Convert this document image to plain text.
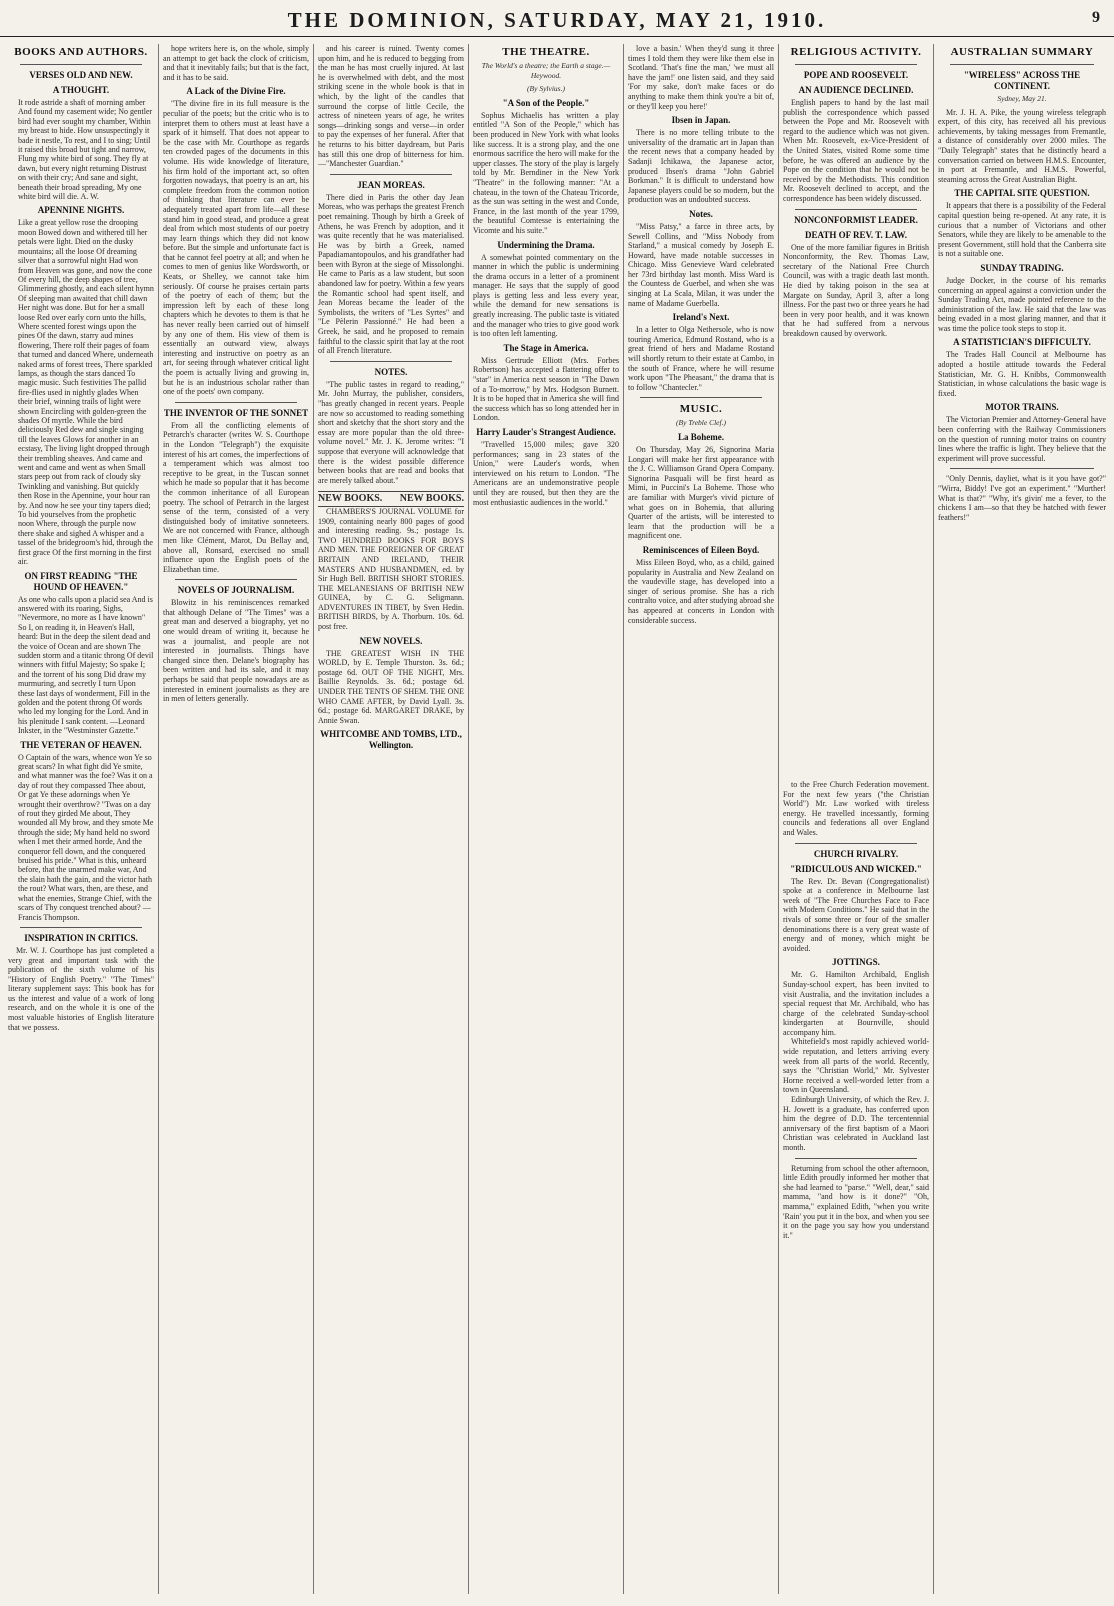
THE DOMINION, SATURDAY, MAY 21, 1910.	9
BOOKS AND AUTHORS.
VERSES OLD AND NEW.
A THOUGHT.

It rode astride a shaft of morning amber And found my casement wide; No gentler bird had ever sought my chamber, Within my breast to hide. How unsuspectingly it bade it nestle, To rest, and I to sing; Until it raised this broad but tight and narrow, Flung my white bird of song. They fly at dawn, but every night returning Distrust on with their cry; And sane and sight, beneath their broad spreading, My one white bird will die. A. W.

APENNINE NIGHTS.

Like a great yellow rose the drooping moon Bowed down and withered till her petals were light. Died on the dusky mountains; all the loose Of dreaming silver that a sorrowful night Had won from Heaven was gone, and now the cone Of every hill, the deep shapes of tree, Glimmering ghostly, and each silent hymn Of sleeping man awaited that chill dawn Her night was done. But for her a small loose Red over early corn unto the hills, Where scented forest wings upon the pines Of the dawn, starry aud mines flowering, There rolf their pages of foam that turned and danced Where, underneath naked arms of forest trees, There sparkled lamps, as though the stars danced To magic music. Such festivities The pallid fire-flies used in nightly glades When their brief, winning trails of light were shown Encircling with golden-green the shades Of myrtle. While the bird deliciously Red dew and single singing till the leaves Glows for another in an ecstasy, The living light dropped through their trembling sheaves. And came and went and came and went as when Small stars peep out from rack of cloudy sky Twinkling and vanishing. But quickly then Rose in the Apennine, your hour ran by. And now he see your tiny tapers died; To bid yourselves from the prophetic noon Where, through the purple now there shake and sighed A whisper and a tassel of the bridegroom's hid, through the first grace Of the first morning in the first air.

ON FIRST READING "THE HOUND OF HEAVEN."

As one who calls upon a placid sea And is answered with its roaring, Sighs, "Nevermore, no more as I have known" So I, on reading it, in Heaven's Hall, heard: But in the deep the silent dead and the voice of Ocean and are shown The sudden storm and a titanic throng Of devil winners with fitful Majesty; So spake I; and the torrent of his song Did draw my murmuring, and secretly I turn Upon these last days of wonderment, Fill in the golden and the potent throng Of words who led my longing for the Lord. And in his plenitude I sank content. —Leonard Inkster, in the "Westminster Gazette."

THE VETERAN OF HEAVEN.

O Captain of the wars, whence won Ye so great scars? In what fight did Ye smite, and what manner was the foe? Was it on a day of rout they compassed Thee about, Or gat Ye these adornings when Ye wrought their overthrow? "Twas on a day of rout they girded Me about, They wounded all My brow, and they smote Me through the side; My hand held no sword when I met their armed horde, And the conqueror fell down, and the conquered bruised his pride." What is this, unheard before, that the unarmed make war, And the slain hath the gain, and the victor hath the rout? What wars, then, are these, and what the enemies, Strange Chief, with the scars of Thy conquest trenched about? —Francis Thompson.

INSPIRATION IN CRITICS.

Mr. W. J. Courthope has just completed a very great and important task with the publication of the sixth volume of his "History of English Poetry." "The Times" literary supplement says: This book has for us the interest and value of a work of long research, and on the whole it is one of the most valuable histories of English literature that we possess.

hope writers here is, on the whole, simply an attempt to get back the clock of criticism, and that it inevitably fails; but that is the fact, and it has to be said.

A Lack of the Divine Fire.

"The divine fire in its full measure is the peculiar of the poets; but the critic who is to interpret them to others must at least have a spark of it himself. That does not appear to be the case with Mr. Courthope as regards ten crowded pages of the documents in this volume. His wide knowledge of literature, his firm hold of the important act, so often forgotten nowadays, that poetry is an art, his complete freedom from the common notion of thinking that literature can ever be adequately treated apart from life—all these stand him in good stead, and produce a great deal from which most students of our poetry may learn things which they did not know before. But the simple and unfortunate fact is that he cannot feel poetry at all; and when he comes to men of genius like Wordsworth, or Keats, or Shelley, we cannot take him seriously. Of course he praises certain parts of the poetry of each of them; but the impression left by each of these long chapters which he devotes to them is that he has never really been carried out of himself by any one of them. His view of them is essentially an outward view, always interesting and instructive on poetry as an art, for seeing through whatever critical light the poem is actually living and growing in, but he is an industrious scholar rather than one of the poets' own company.

THE INVENTOR OF THE SONNET

From all the conflicting elements of Petrarch's character (writes W. S. Courthope in the London "Telegraph") the exquisite interest of his art comes, the imperfections of a temperament which was almost too receptive to be great, in the Tuscan sonnet which he made so popular that it has become the common inheritance of all European poetry. The school of Petrarch in the largest sense of the term, consisted of a very distinguished body of imitative sonneteers. We are not concerned with France, although men like Clément, Marot, Du Bellay and, above all, Ronsard, exercised no small influence upon the English poets of the Elizabethan time.

NOVELS OF JOURNALISM.

Blowitz in his reminiscences remarked that although Delane of "The Times" was a great man and deserved a biography, yet no one would dream of writing it, because he was a journalist, and people are not interested in journalists. Things have changed since then. Delane's biography has been written and had its sale, and it may perhaps be said that people nowadays are as interested in eminent journalists as they are in men of letters generally.

and his career is ruined. Twenty comes upon him, and he is reduced to begging from the man he has most cruelly injured. At last he is overwhelmed with debt, and the most striking scene in the whole book is that in which, by the light of the candles that surround the corpse of little Cecile, the actress of nineteen years of age, he writes songs—drinking songs and verse—in order to pay the expenses of her funeral. After that he returns to his bitter daydream, but Paris has still this one drop of bitterness for him.—"Manchester Guardian."

JEAN MOREAS.

There died in Paris the other day Jean Moreas, who was perhaps the greatest French poet remaining. Though by birth a Greek of Athens, he was French by adoption, and it was quite recently that he was materialised. He was by birth a Greek, named Papadiamantopoulos, and his grandfather had been with Byron at the siege of Missolonghi. He came to Paris as a law student, but soon abandoned law for poetry. Within a few years the Romantic school had spent itself, and Jean Moreas became the leader of the Symbolists, the writers of "Les Syrtes" and "Le Pèlerin Passionné." He had been a Greek, he said, and he proposed to remain faithful to the classic spirit that lay at the root of all French literature.

NOTES.

"The public tastes in regard to reading," Mr. John Murray, the publisher, considers, "has greatly changed in recent years. People are now so accustomed to reading something short and sketchy that the short story and the essay are more popular than the old three-volume novel." Mr. J. K. Jerome writes: "I suppose that everyone will acknowledge that there is the widest possible difference between books that are read and books that are merely talked about."

NEW BOOKS. NEW BOOKS.

CHAMBERS'S JOURNAL VOLUME for 1909, containing nearly 800 pages of good and interesting reading. 9s.; postage 1s. TWO HUNDRED BOOKS FOR BOYS AND MEN. THE FOREIGNER OF GREAT BRITAIN AND IRELAND, THEIR MASTERS AND HUSBANDMEN, ed. by Sir Hugh Bell. BRITISH SHORT STORIES. THE MELANESIANS OF BRITISH NEW GUINEA, by C. G. Seligmann. ADVENTURES IN TIBET, by Sven Hedin. BRITISH BIRDS, by A. Thorburn. 10s. 6d. post free.

NEW NOVELS.

THE GREATEST WISH IN THE WORLD, by E. Temple Thurston. 3s. 6d.; postage 6d. OUT OF THE NIGHT, Mrs. Baillie Reynolds. 3s. 6d.; postage 6d. UNDER THE TENTS OF SHEM. THE ONE WHO CAME AFTER, by David Lyall. 3s. 6d.; postage 6d. MARGARET DRAKE, by Annie Swan.

WHITCOMBE AND TOMBS, LTD., Wellington.
THE THEATRE.
The World's a theatre; the Earth a stage.—Heywood.
(By Sylvius.)
"A Son of the People."

Sophus Michaelis has written a play entitled "A Son of the People," which has been produced in New York with what looks like success. It is a strong play, and the one enormous sacrifice the hero will make for the upper classes. The story of the play is largely told by Mr. Berndiner in the New York "Theatre" in the following manner: "At a chateau, in the town of the Chateau Tricorde, as the sun was setting in the west and Conde, France, in the last month of the year 1799, the beautiful Comtesse is entertaining the Vicomte and his suite."

Undermining the Drama.

A somewhat pointed commentary on the manner in which the public is undermining the drama occurs in a letter of a prominent manager. He says that the supply of good plays is getting less and less every year, while the demand for new sensations is greatly increasing. The public taste is vitiated and the manager who tries to give good work is too often left lamenting.

The Stage in America.

Miss Gertrude Elliott (Mrs. Forbes Robertson) has accepted a flattering offer to "star" in America next season in "The Dawn of a To-morrow," by Mrs. Hodgson Burnett. It is to be hoped that in America she will find the success which has so long attended her in London.

Harry Lauder's Strangest Audience.

"Travelled 15,000 miles; gave 320 performances; sang in 23 states of the Union," were Lauder's words, when interviewed on his return to London. "The Americans are an undemonstrative people until they are roused, but then they are the most enthusiastic audiences in the world."

love a basin.' When they'd sung it three times I told them they were like them else in Scotland. 'That's fine the man,' 'we must all have the jam!' one listen said, and they said 'For my sake, don't make faces or do anything to make them think you're a bit of, or they'll keep you here!'

Ibsen in Japan.

There is no more telling tribute to the universality of the dramatic art in Japan than the recent news that a company headed by Sadanji Ichikawa, the Japanese actor, produced Ibsen's drama "John Gabriel Borkman." It is difficult to understand how Japanese players could be so modern, but the production was an undoubted success.

Notes.

"Miss Patsy," a farce in three acts, by Sewell Collins, and "Miss Nobody from Starland," a musical comedy by Joseph E. Howard, have made notable successes in Chicago. Miss Genevieve Ward celebrated her 73rd birthday last month. Miss Ward is the Countess de Guerbel, and when she was singing at La Scala, Milan, it was under the name of Madame Guerbella.

Ireland's Next.

In a letter to Olga Nethersole, who is now touring America, Edmund Rostand, who is a great friend of hers and Madame Rostand will shortly return to their estate at Cambo, in the south of France, where he will resume work upon "The Pheasant," the drama that is to follow "Chantecler."

MUSIC.
(By Treble Clef.)
La Boheme.

On Thursday, May 26, Signorina Maria Longari will make her first appearance with the J. C. Williamson Grand Opera Company. Signorina Pasquali will be first heard as Mimi, in Puccini's La Boheme. Those who are familiar with Murger's vivid picture of what goes on in Bohemia, that alluring Quarter of the artists, will be interested to learn that the production will be a magnificent one.

Reminiscences of Eileen Boyd.

Miss Eileen Boyd, who, as a child, gained popularity in Australia and New Zealand on the vaudeville stage, has developed into a singer of serious promise. She has a rich contralto voice, and after studying abroad she has appeared at concerts in London with considerable success.

RELIGIOUS ACTIVITY.
POPE AND ROOSEVELT.
AN AUDIENCE DECLINED.

English papers to hand by the last mail publish the correspondence which passed between the Pope and Mr. Roosevelt with regard to the audience which was not given. When Mr. Roosevelt, ex-Vice-President of the United States, visited Rome some time before, he was offered an audience by the Pope on the condition that he would not be received by the Methodists. This condition Mr. Roosevelt declined to accept, and the correspondence has been widely discussed.

NONCONFORMIST LEADER.
DEATH OF REV. T. LAW.

One of the more familiar figures in British Nonconformity, the Rev. Thomas Law, secretary of the National Free Church Council, was with a tragic death last month. He died by taking poison in the sea at Margate on Sunday, April 3, after a long illness. For the past two or three years he had been in very poor health, and it was known that he had suffered from a nervous breakdown caused by overwork.

to the Free Church Federation movement. For the next few years ("the Christian World") Mr. Law worked with tireless energy. He travelled incessantly, forming councils and federations all over England and Wales.

CHURCH RIVALRY.
"RIDICULOUS AND WICKED."

The Rev. Dr. Bevan (Congregationalist) spoke at a conference in Melbourne last week of "The Free Churches Face to Face with Modern Conditions." He said that in the rivals of some three or four of the smaller denominations there is a very great waste of energy and of money, which might be avoided.

JOTTINGS.

Mr. G. Hamilton Archibald, English Sunday-school expert, has been invited to visit Australia, and the invitation includes a special request that Mr. Archibald, who has charge of the celebrated Sunday-school kindergarten at Bournville, should accompany him.

Whitefield's most rapidly achieved world-wide reputation, and letters arriving every week from all parts of the world. Recently, says the "Christian World," Mr. Sylvester Horne received a well-worded letter from a town in Queensland.

Edinburgh University, of which the Rev. J. H. Jowett is a graduate, has conferred upon him the degree of D.D. The tercentennial anniversary of the first baptism of a Maori Christian was celebrated in Auckland last month.

Returning from school the other afternoon, little Edith proudly informed her mother that she had learned to "parse." "Well, dear," said mamma, "and how is it done?" "Oh, mamma," explained Edith, "when you write 'Rain' you put it in the box, and when you see it on the page you say how you understand it."

AUSTRALIAN SUMMARY
"WIRELESS" ACROSS THE CONTINENT.
Sydney, May 21.

Mr. J. H. A. Pike, the young wireless telegraph expert, of this city, has received all his previous achievements, by taking messages from Fremantle, a distance of considerably over 2000 miles. The "Daily Telegraph" states that he distinctly heard a conversation carried on between H.M.S. Encounter, in port at Fremantle, and H.M.S. Powerful, steaming across the Great Australian Bight.

THE CAPITAL SITE QUESTION.

It appears that there is a possibility of the Federal capital question being re-opened. At any rate, it is curious that a number of Victorians and other Senators, while they are likely to be amenable to the present Government, still hold that the Canberra site is not a suitable one.

SUNDAY TRADING.

Judge Docker, in the course of his remarks concerning an appeal against a conviction under the Sunday Trading Act, made pointed reference to the administration of the law. He said that the law was being evaded in a most glaring manner, and that it was time the police took steps to stop it.

A STATISTICIAN'S DIFFICULTY.

The Trades Hall Council at Melbourne has adopted a hostile attitude towards the Federal Statistician, Mr. G. H. Knibbs, Commonwealth Statistician, in whose calculations the basic wage is fixed.

MOTOR TRAINS.

The Victorian Premier and Attorney-General have been conferring with the Railway Commissioners on the question of running motor trains on country lines where the traffic is light. They believe that the experiment will prove successful.

"Only Dennis, dayliet, what is it you have got?" "Wirra, Biddy! I've got an experiment." "Murther! What is that?" "Why, it's givin' me a fever, to the chickens I am—so that they be hatched with fewer feathers!"
